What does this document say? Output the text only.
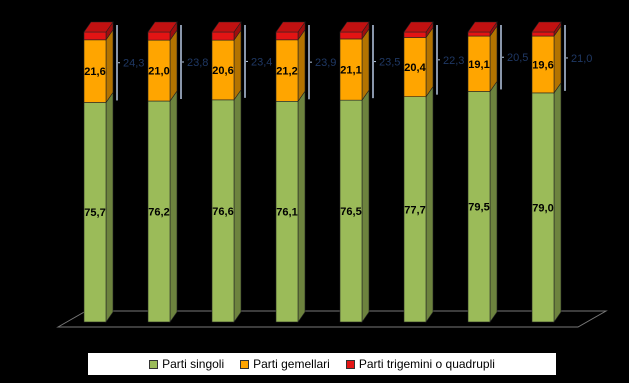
75,7
21,6
24,3
76,2
21,0
23,8
76,6
20,6
23,4
76,1
21,2
23,9
76,5
21,1
23,5
77,7
20,4
22,3
79,5
19,1
20,5
79,0
19,6
21,0
Parti singoli Parti gemellari Parti trigemini o quadrupli
